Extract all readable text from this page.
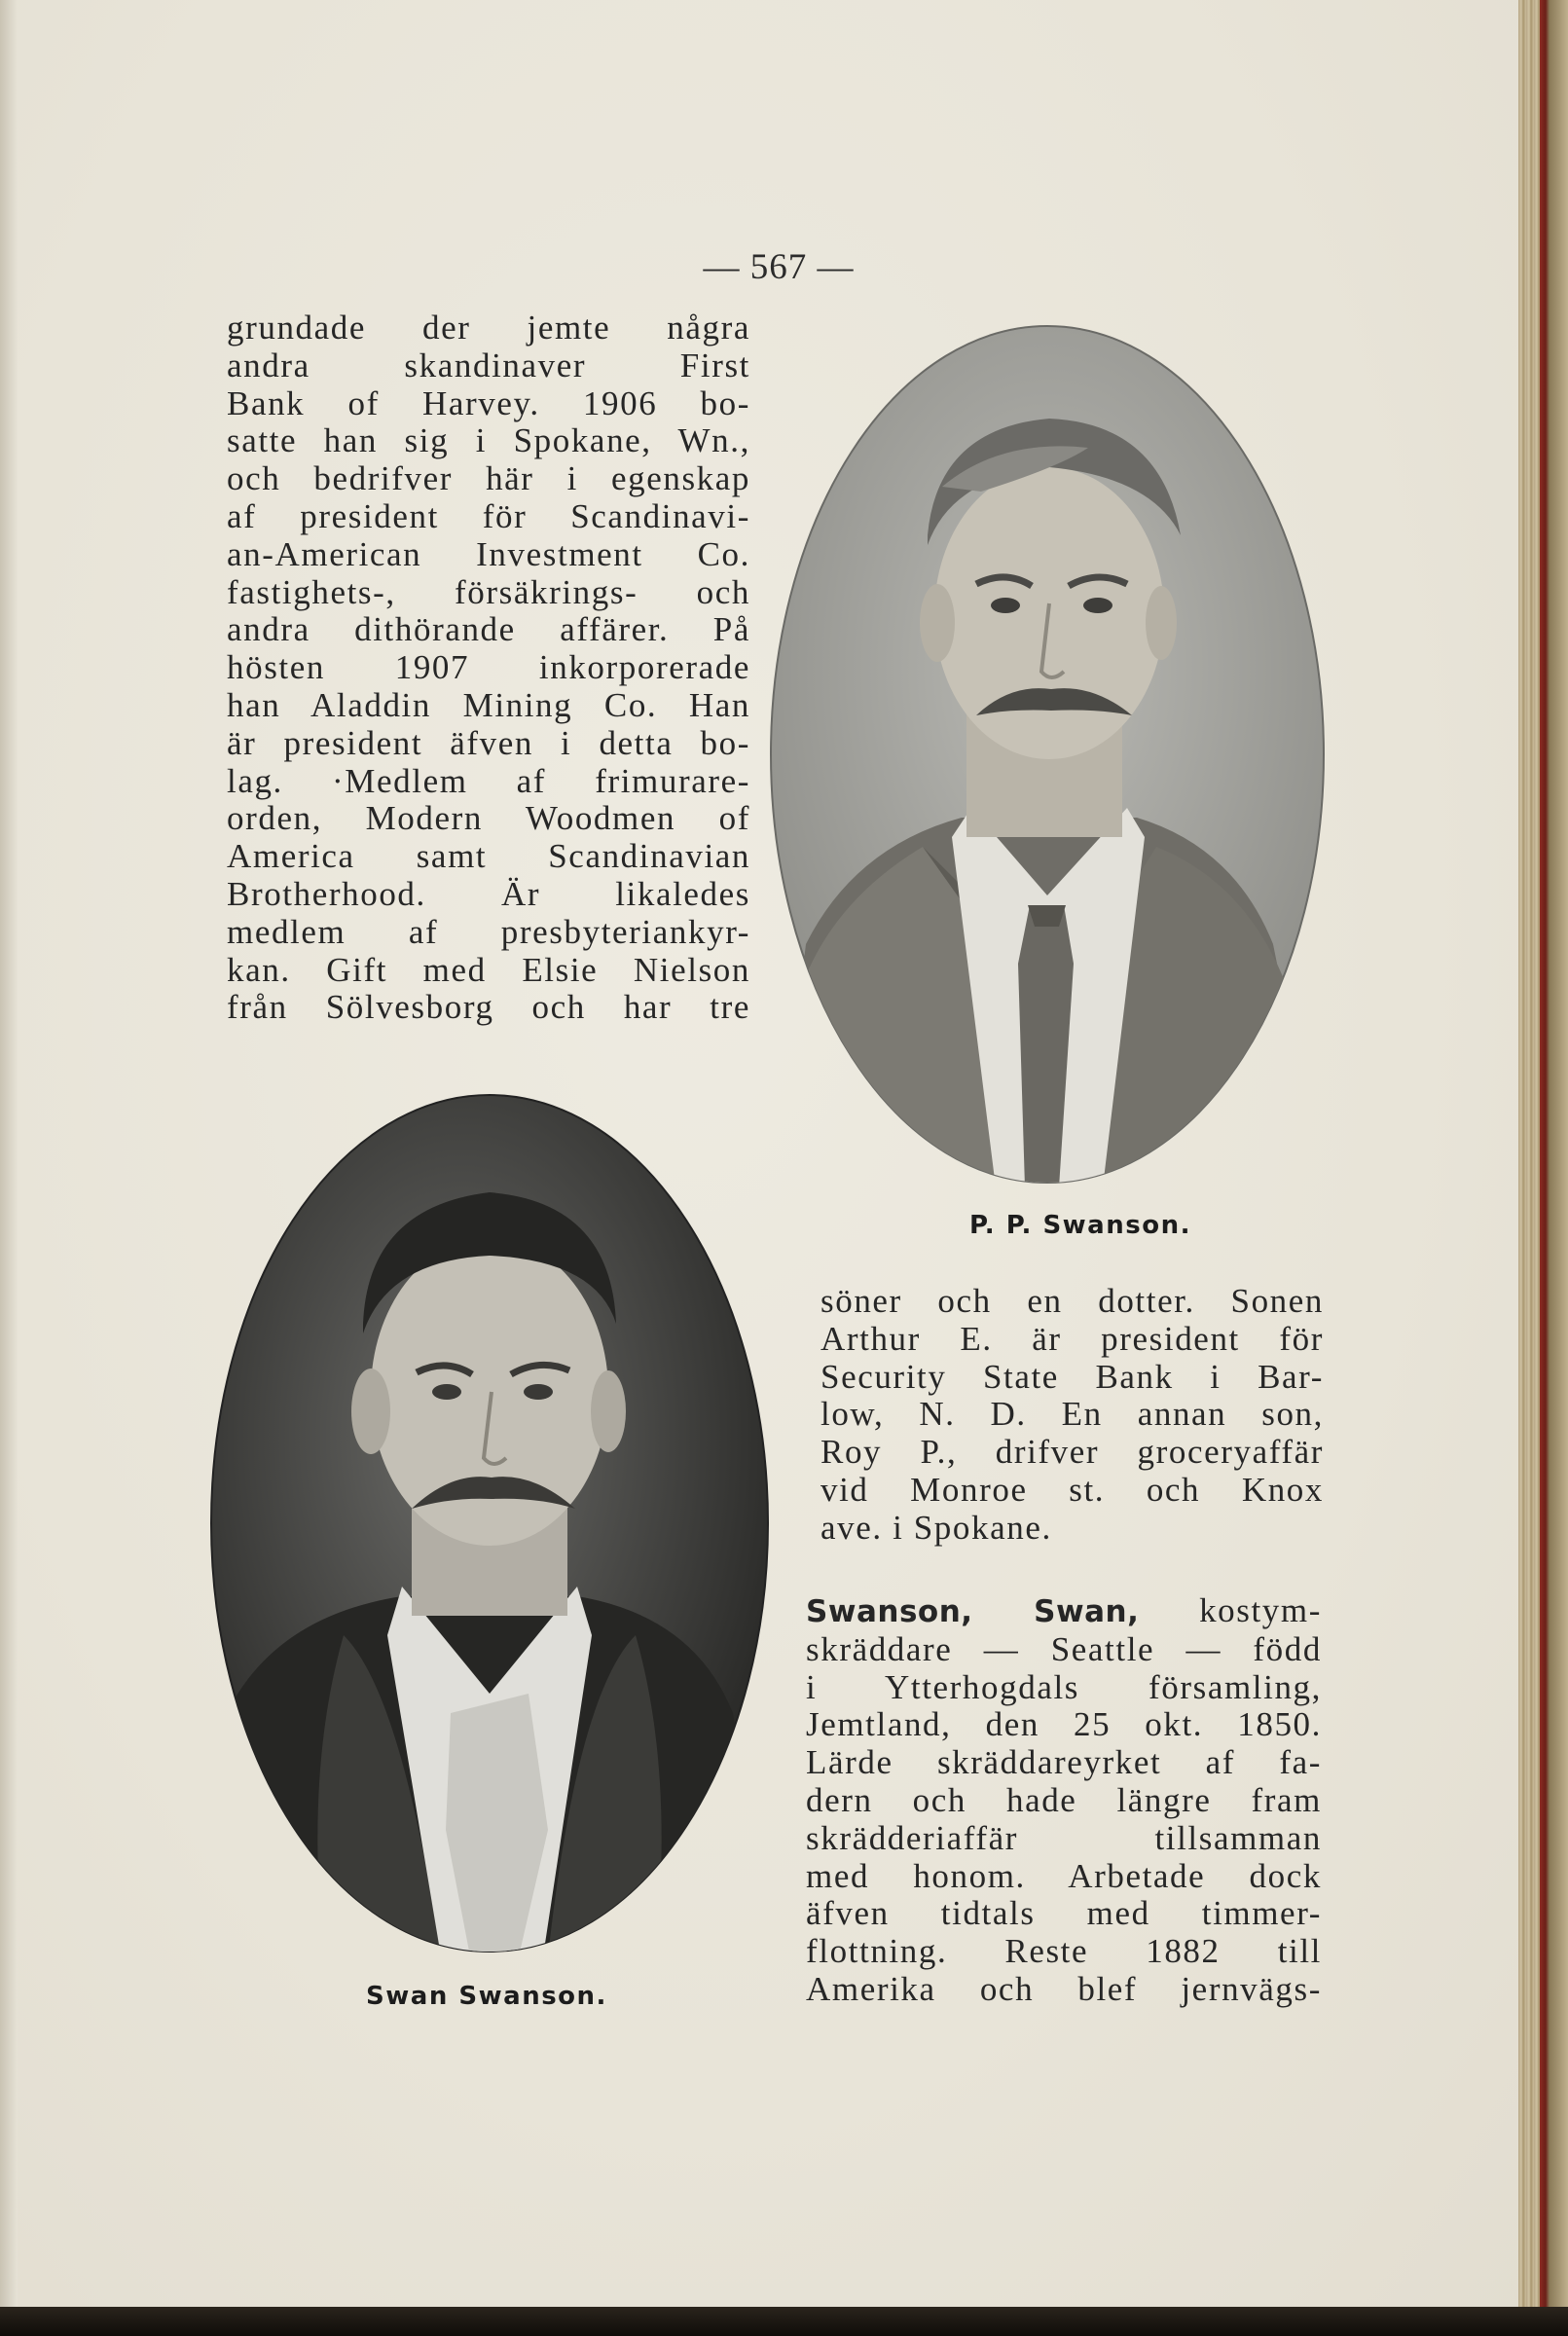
— 567 —
grundade der jemte några
andra skandinaver First
Bank of Harvey. 1906 bo-
satte han sig i Spokane, Wn.,
och bedrifver här i egenskap
af president för Scandinavi-
an-American Investment Co.
fastighets-, försäkrings- och
andra dithörande affärer. På
hösten 1907 inkorporerade
han Aladdin Mining Co. Han
är president äfven i detta bo-
lag. ·Medlem af frimurare-
orden, Modern Woodmen of
America samt Scandinavian
Brotherhood. Är likaledes
medlem af presbyteriankyr-
kan. Gift med Elsie Nielson
från Sölvesborg och har tre
P. P. Swanson.
Swan Swanson.
söner och en dotter. Sonen
Arthur E. är president för
Security State Bank i Bar-
low, N. D. En annan son,
Roy P., drifver groceryaffär
vid Monroe st. och Knox
ave. i Spokane.
Swanson, Swan, kostym-
skräddare — Seattle — född
i Ytterhogdals församling,
Jemtland, den 25 okt. 1850.
Lärde skräddareyrket af fa-
dern och hade längre fram
skrädderiaffär tillsamman
med honom. Arbetade dock
äfven tidtals med timmer-
flottning. Reste 1882 till
Amerika och blef jernvägs-
